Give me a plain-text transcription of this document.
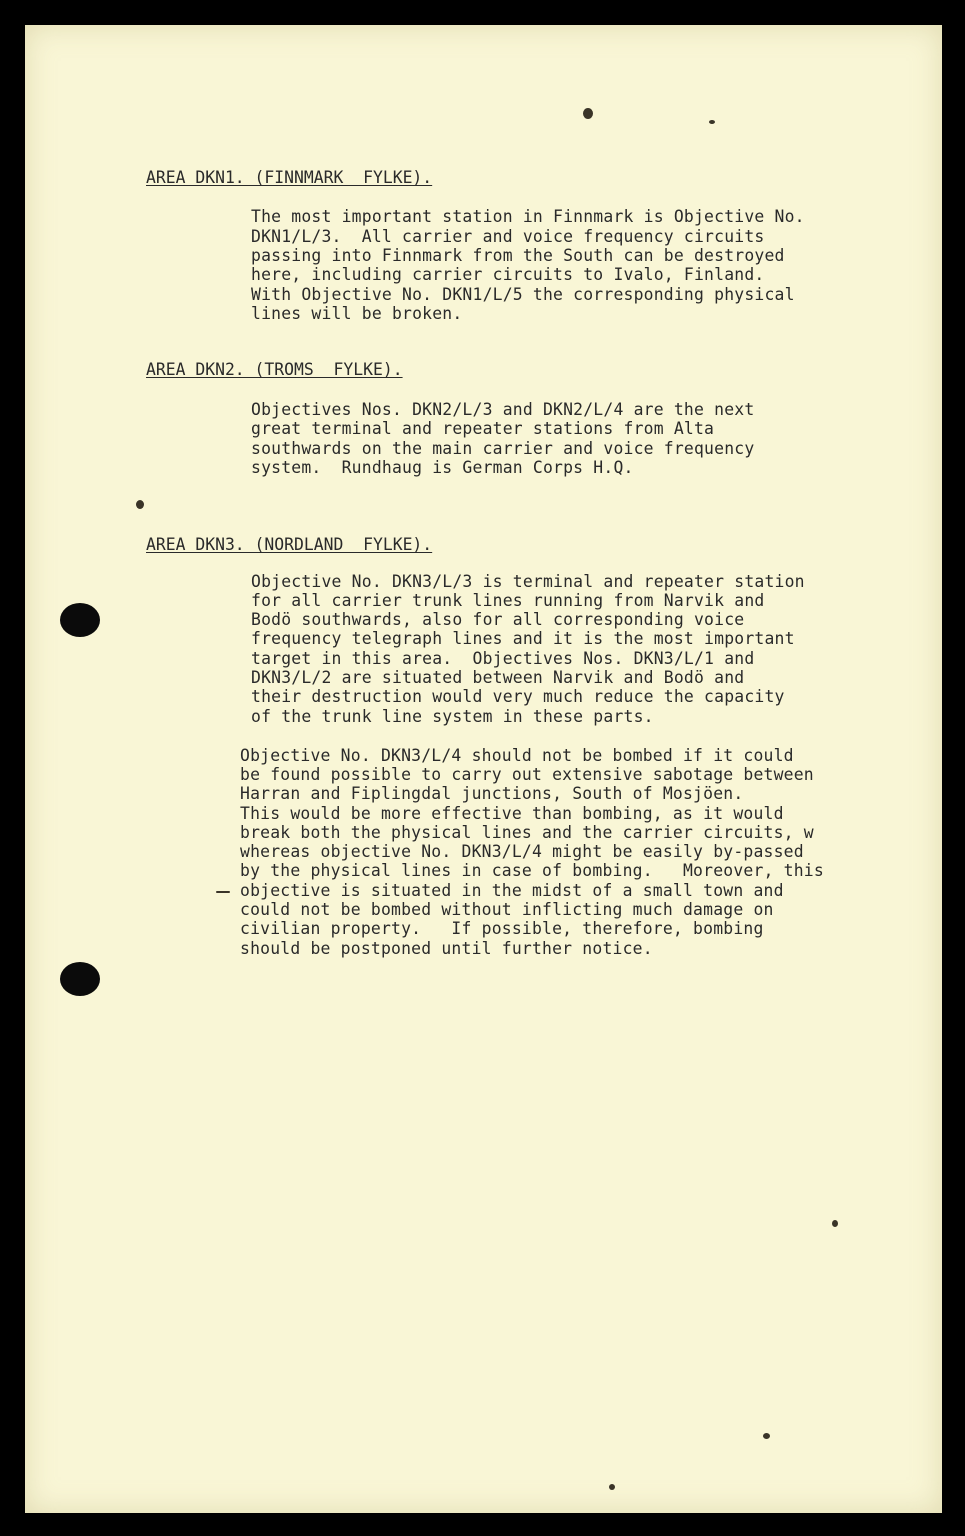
AREA DKN1. (FINNMARK  FYLKE).
The most important station in Finnmark is Objective No.
DKN1/L/3.  All carrier and voice frequency circuits
passing into Finnmark from the South can be destroyed
here, including carrier circuits to Ivalo, Finland.
With Objective No. DKN1/L/5 the corresponding physical
lines will be broken.
AREA DKN2. (TROMS  FYLKE).
Objectives Nos. DKN2/L/3 and DKN2/L/4 are the next
great terminal and repeater stations from Alta
southwards on the main carrier and voice frequency
system.  Rundhaug is German Corps H.Q.
AREA DKN3. (NORDLAND  FYLKE).
Objective No. DKN3/L/3 is terminal and repeater station
for all carrier trunk lines running from Narvik and
Bodö southwards, also for all corresponding voice
frequency telegraph lines and it is the most important
target in this area.  Objectives Nos. DKN3/L/1 and
DKN3/L/2 are situated between Narvik and Bodö and
their destruction would very much reduce the capacity
of the trunk line system in these parts.
Objective No. DKN3/L/4 should not be bombed if it could
be found possible to carry out extensive sabotage between
Harran and Fiplingdal junctions, South of Mosjöen.
This would be more effective than bombing, as it would
break both the physical lines and the carrier circuits, w
whereas objective No. DKN3/L/4 might be easily by-passed
by the physical lines in case of bombing.   Moreover, this
objective is situated in the midst of a small town and
could not be bombed without inflicting much damage on
civilian property.   If possible, therefore, bombing
should be postponed until further notice.
